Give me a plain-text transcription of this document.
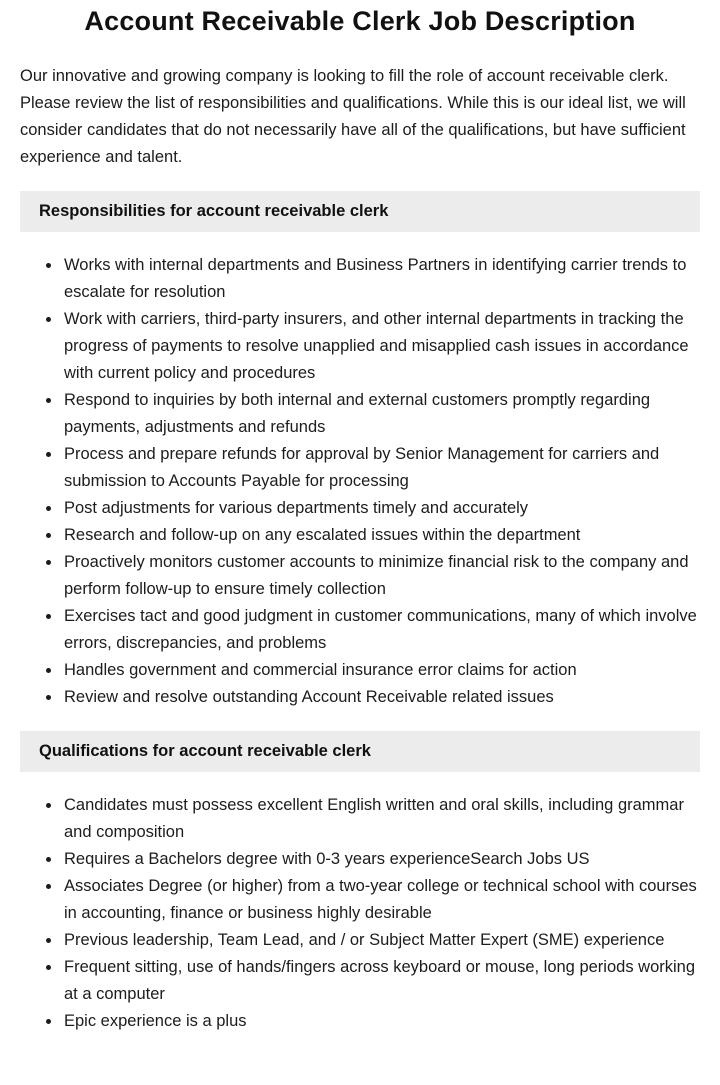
Account Receivable Clerk Job Description

Our innovative and growing company is looking to fill the role of account receivable clerk. Please review the list of responsibilities and qualifications. While this is our ideal list, we will consider candidates that do not necessarily have all of the qualifications, but have sufficient experience and talent.

Responsibilities for account receivable clerk
• Works with internal departments and Business Partners in identifying carrier trends to escalate for resolution
• Work with carriers, third-party insurers, and other internal departments in tracking the progress of payments to resolve unapplied and misapplied cash issues in accordance with current policy and procedures
• Respond to inquiries by both internal and external customers promptly regarding payments, adjustments and refunds
• Process and prepare refunds for approval by Senior Management for carriers and submission to Accounts Payable for processing
• Post adjustments for various departments timely and accurately
• Research and follow-up on any escalated issues within the department
• Proactively monitors customer accounts to minimize financial risk to the company and perform follow-up to ensure timely collection
• Exercises tact and good judgment in customer communications, many of which involve errors, discrepancies, and problems
• Handles government and commercial insurance error claims for action
• Review and resolve outstanding Account Receivable related issues
Qualifications for account receivable clerk
• Candidates must possess excellent English written and oral skills, including grammar and composition
• Requires a Bachelors degree with 0-3 years experienceSearch Jobs US
• Associates Degree (or higher) from a two-year college or technical school with courses in accounting, finance or business highly desirable
• Previous leadership, Team Lead, and / or Subject Matter Expert (SME) experience
• Frequent sitting, use of hands/fingers across keyboard or mouse, long periods working at a computer
• Epic experience is a plus
